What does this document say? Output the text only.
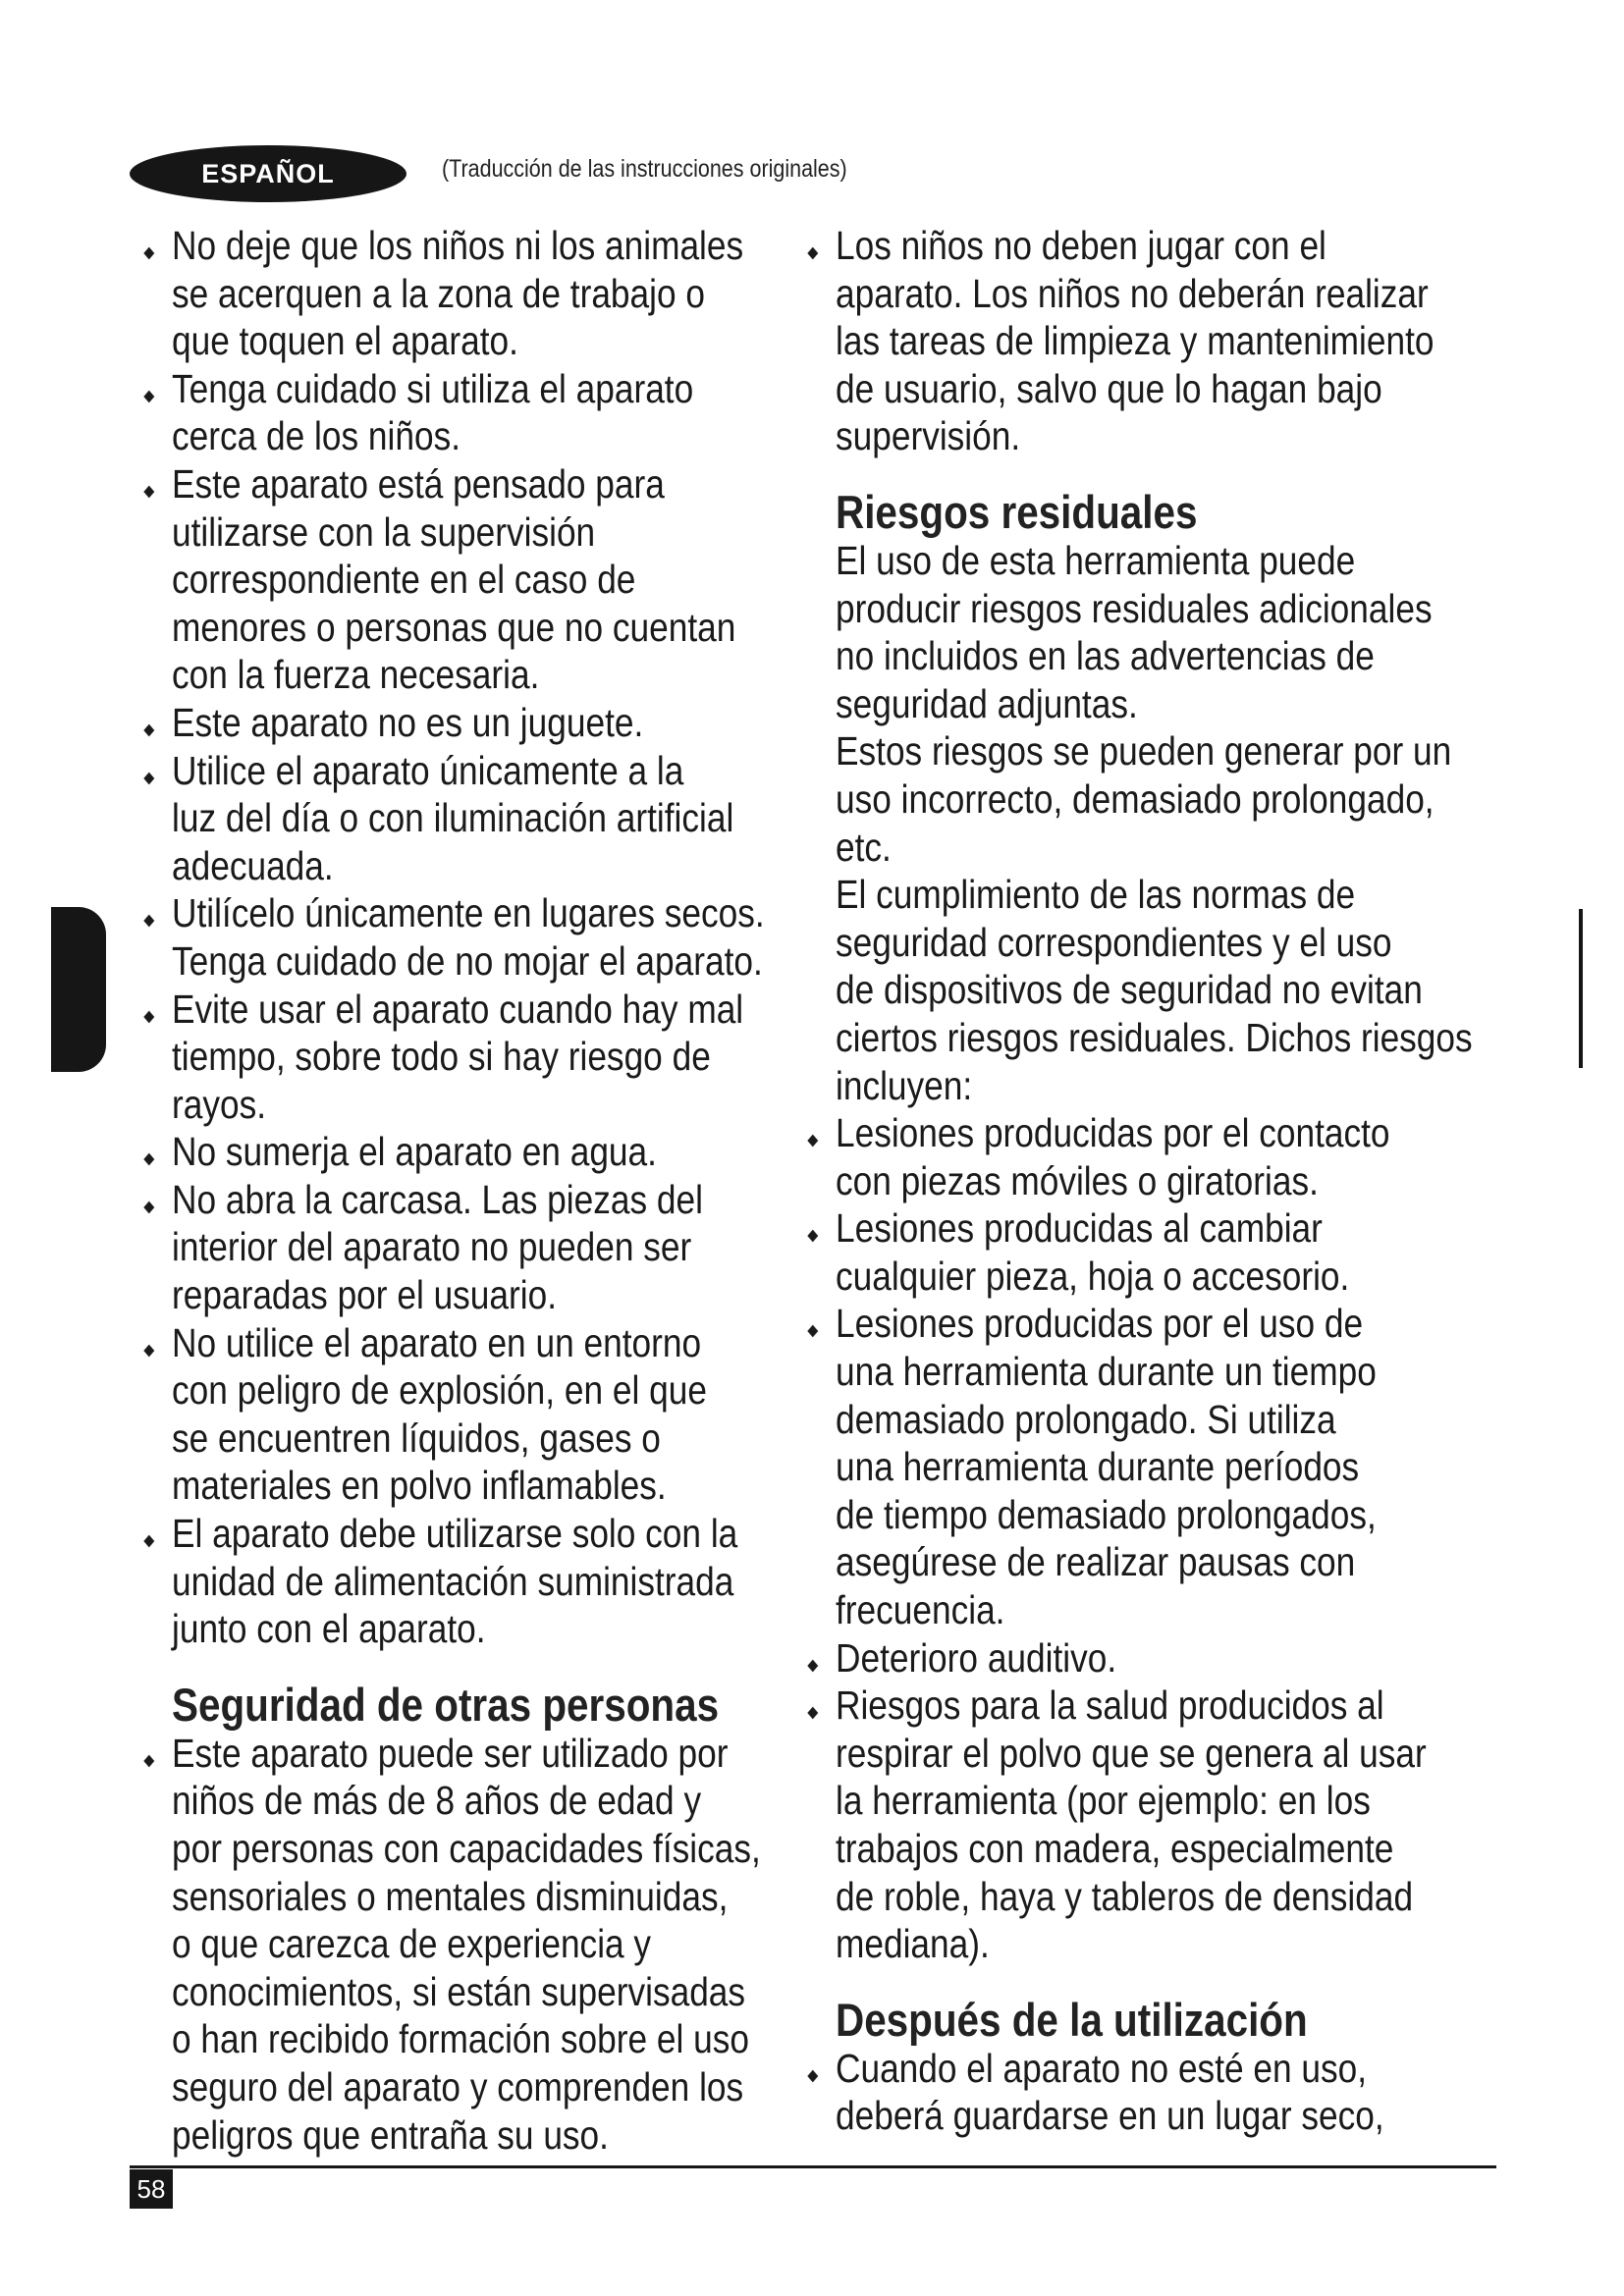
ESPAÑOL	(Traducción de las instrucciones originales)
No deje que los niños ni los animales
se acerquen a la zona de trabajo o
que toquen el aparato.
Tenga cuidado si utiliza el aparato
cerca de los niños.
Este aparato está pensado para
utilizarse con la supervisión
correspondiente en el caso de
menores o personas que no cuentan
con la fuerza necesaria.
Este aparato no es un juguete.
Utilice el aparato únicamente a la
luz del día o con iluminación artificial
adecuada.
Utilícelo únicamente en lugares secos.
Tenga cuidado de no mojar el aparato.
Evite usar el aparato cuando hay mal
tiempo, sobre todo si hay riesgo de
rayos.
No sumerja el aparato en agua.
No abra la carcasa. Las piezas del
interior del aparato no pueden ser
reparadas por el usuario.
No utilice el aparato en un entorno
con peligro de explosión, en el que
se encuentren líquidos, gases o
materiales en polvo inflamables.
El aparato debe utilizarse solo con la
unidad de alimentación suministrada
junto con el aparato.
Seguridad de otras personas
Este aparato puede ser utilizado por
niños de más de 8 años de edad y
por personas con capacidades físicas,
sensoriales o mentales disminuidas,
o que carezca de experiencia y
conocimientos, si están supervisadas
o han recibido formación sobre el uso
seguro del aparato y comprenden los
peligros que entraña su uso.
Los niños no deben jugar con el
aparato. Los niños no deberán realizar
las tareas de limpieza y mantenimiento
de usuario, salvo que lo hagan bajo
supervisión.
Riesgos residuales
El uso de esta herramienta puede
producir riesgos residuales adicionales
no incluidos en las advertencias de
seguridad adjuntas.
Estos riesgos se pueden generar por un
uso incorrecto, demasiado prolongado,
etc.
El cumplimiento de las normas de
seguridad correspondientes y el uso
de dispositivos de seguridad no evitan
ciertos riesgos residuales. Dichos riesgos
incluyen:
Lesiones producidas por el contacto
con piezas móviles o giratorias.
Lesiones producidas al cambiar
cualquier pieza, hoja o accesorio.
Lesiones producidas por el uso de
una herramienta durante un tiempo
demasiado prolongado. Si utiliza
una herramienta durante períodos
de tiempo demasiado prolongados,
asegúrese de realizar pausas con
frecuencia.
Deterioro auditivo.
Riesgos para la salud producidos al
respirar el polvo que se genera al usar
la herramienta (por ejemplo: en los
trabajos con madera, especialmente
de roble, haya y tableros de densidad
mediana).
Después de la utilización
Cuando el aparato no esté en uso,
deberá guardarse en un lugar seco,
58
